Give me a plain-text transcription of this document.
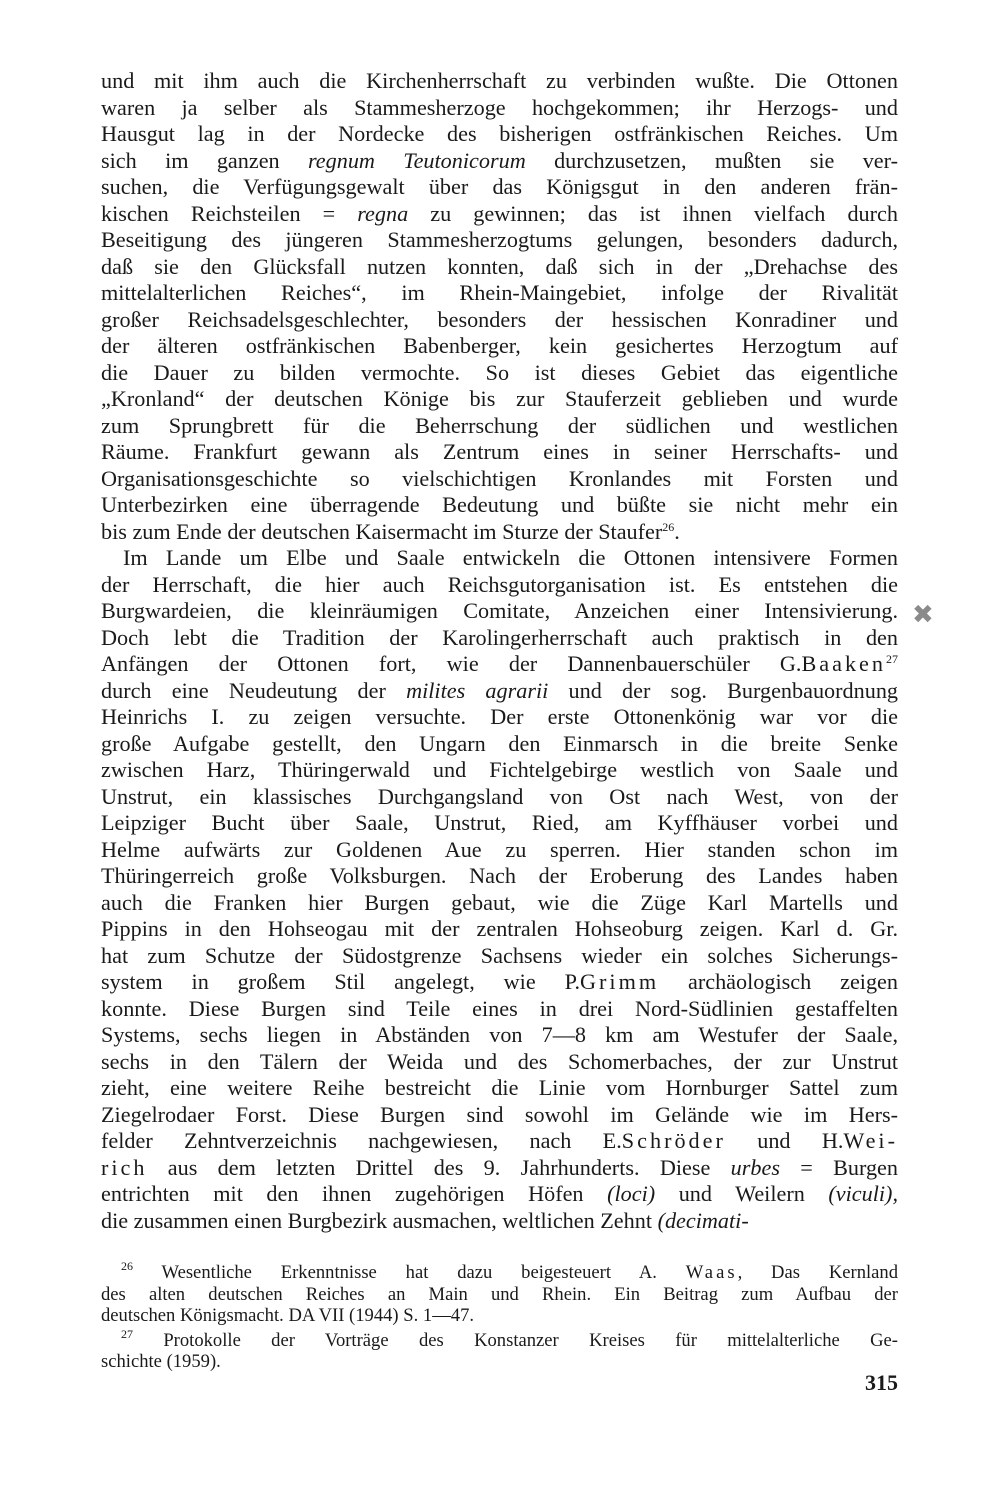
und mit ihm auch die Kirchenherrschaft zu verbinden wußte. Die Ottonen
waren ja selber als Stammesherzoge hochgekommen; ihr Herzogs- und
Hausgut lag in der Nordecke des bisherigen ostfränkischen Reiches. Um
sich im ganzen regnum Teutonicorum durchzusetzen, mußten sie ver-
suchen, die Verfügungsgewalt über das Königsgut in den anderen frän-
kischen Reichsteilen = regna zu gewinnen; das ist ihnen vielfach durch
Beseitigung des jüngeren Stammesherzogtums gelungen, besonders dadurch,
daß sie den Glücksfall nutzen konnten, daß sich in der „Drehachse des
mittelalterlichen Reiches“, im Rhein-Maingebiet, infolge der Rivalität
großer Reichsadelsgeschlechter, besonders der hessischen Konradiner und
der älteren ostfränkischen Babenberger, kein gesichertes Herzogtum auf
die Dauer zu bilden vermochte. So ist dieses Gebiet das eigentliche
„Kronland“ der deutschen Könige bis zur Stauferzeit geblieben und wurde
zum Sprungbrett für die Beherrschung der südlichen und westlichen
Räume. Frankfurt gewann als Zentrum eines in seiner Herrschafts- und
Organisationsgeschichte so vielschichtigen Kronlandes mit Forsten und
Unterbezirken eine überragende Bedeutung und büßte sie nicht mehr ein
bis zum Ende der deutschen Kaisermacht im Sturze der Staufer$^{26}$.

Im Lande um Elbe und Saale entwickeln die Ottonen intensivere Formen
der Herrschaft, die hier auch Reichsgutorganisation ist. Es entstehen die
Burgwardeien, die kleinräumigen Comitate, Anzeichen einer Intensivierung.
Doch lebt die Tradition der Karolingerherrschaft auch praktisch in den
Anfängen der Ottonen fort, wie der Dannenbauerschüler G.Baaken$^{27}$
durch eine Neudeutung der milites agrarii und der sog. Burgenbauordnung
Heinrichs I. zu zeigen versuchte. Der erste Ottonenkönig war vor die
große Aufgabe gestellt, den Ungarn den Einmarsch in die breite Senke
zwischen Harz, Thüringerwald und Fichtelgebirge westlich von Saale und
Unstrut, ein klassisches Durchgangsland von Ost nach West, von der
Leipziger Bucht über Saale, Unstrut, Ried, am Kyffhäuser vorbei und
Helme aufwärts zur Goldenen Aue zu sperren. Hier standen schon im
Thüringerreich große Volksburgen. Nach der Eroberung des Landes haben
auch die Franken hier Burgen gebaut, wie die Züge Karl Martells und
Pippins in den Hohseogau mit der zentralen Hohseoburg zeigen. Karl d. Gr.
hat zum Schutze der Südostgrenze Sachsens wieder ein solches Sicherungs-
system in großem Stil angelegt, wie P.Grimm archäologisch zeigen
konnte. Diese Burgen sind Teile eines in drei Nord-Südlinien gestaffelten
Systems, sechs liegen in Abständen von 7—8 km am Westufer der Saale,
sechs in den Tälern der Weida und des Schomerbaches, der zur Unstrut
zieht, eine weitere Reihe bestreicht die Linie vom Hornburger Sattel zum
Ziegelrodaer Forst. Diese Burgen sind sowohl im Gelände wie im Hers-
felder Zehntverzeichnis nachgewiesen, nach E.Schröder und H.Wei-
rich aus dem letzten Drittel des 9. Jahrhunderts. Diese urbes = Burgen
entrichten mit den ihnen zugehörigen Höfen (loci) und Weilern (viculi),
die zusammen einen Burgbezirk ausmachen, weltlichen Zehnt (decimati-

✖

$^{26}$ Wesentliche Erkenntnisse hat dazu beigesteuert A. Waas, Das Kernland
des alten deutschen Reiches an Main und Rhein. Ein Beitrag zum Aufbau der
deutschen Königsmacht. DA VII (1944) S. 1—47.

$^{27}$ Protokolle der Vorträge des Konstanzer Kreises für mittelalterliche Ge-
schichte (1959).

315
